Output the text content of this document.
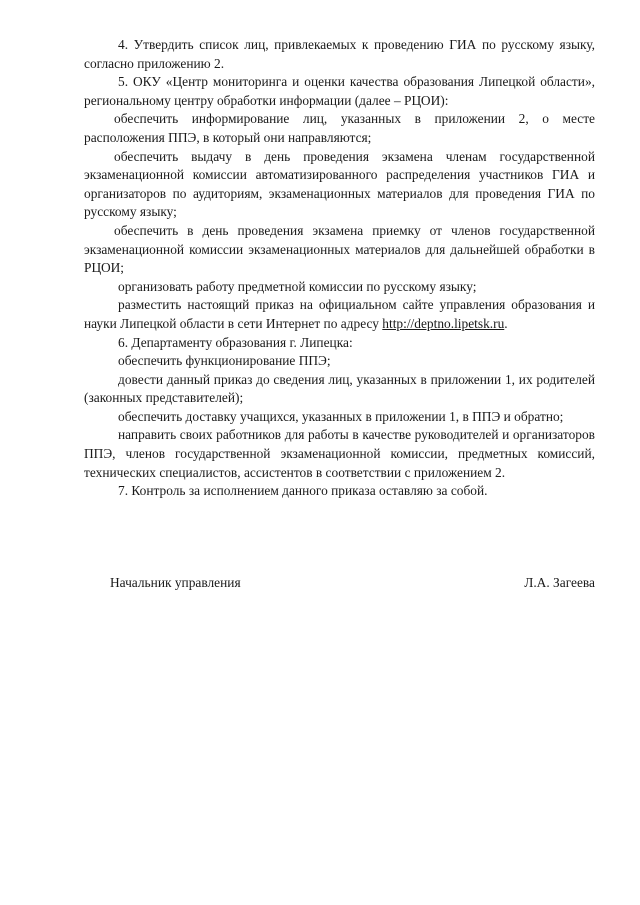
4. Утвердить список лиц, привлекаемых к проведению ГИА по русскому языку, согласно приложению 2.

5. ОКУ «Центр мониторинга и оценки качества образования Липецкой области», региональному центру обработки информации (далее – РЦОИ):

обеспечить информирование лиц, указанных в приложении 2, о месте расположения ППЭ, в который они направляются;

обеспечить выдачу в день проведения экзамена членам государственной экзаменационной комиссии автоматизированного распределения участников ГИА и организаторов по аудиториям, экзаменационных материалов для проведения ГИА по русскому языку;

обеспечить в день проведения экзамена приемку от членов государственной экзаменационной комиссии экзаменационных материалов для дальнейшей обработки в РЦОИ;

организовать работу предметной комиссии по русскому языку;

разместить настоящий приказ на официальном сайте управления образования и науки Липецкой области в сети Интернет по адресу http://deptno.lipetsk.ru.

6. Департаменту образования г. Липецка:

обеспечить функционирование ППЭ;

довести данный приказ до сведения лиц, указанных в приложении 1, их родителей (законных представителей);

обеспечить доставку учащихся, указанных в приложении 1, в ППЭ и обратно;

направить своих работников для работы в качестве руководителей и организаторов ППЭ, членов государственной экзаменационной комиссии, предметных комиссий, технических специалистов, ассистентов в соответствии с приложением 2.

7. Контроль за исполнением данного приказа оставляю за собой.

Начальник управления	Л.А. Загеева
